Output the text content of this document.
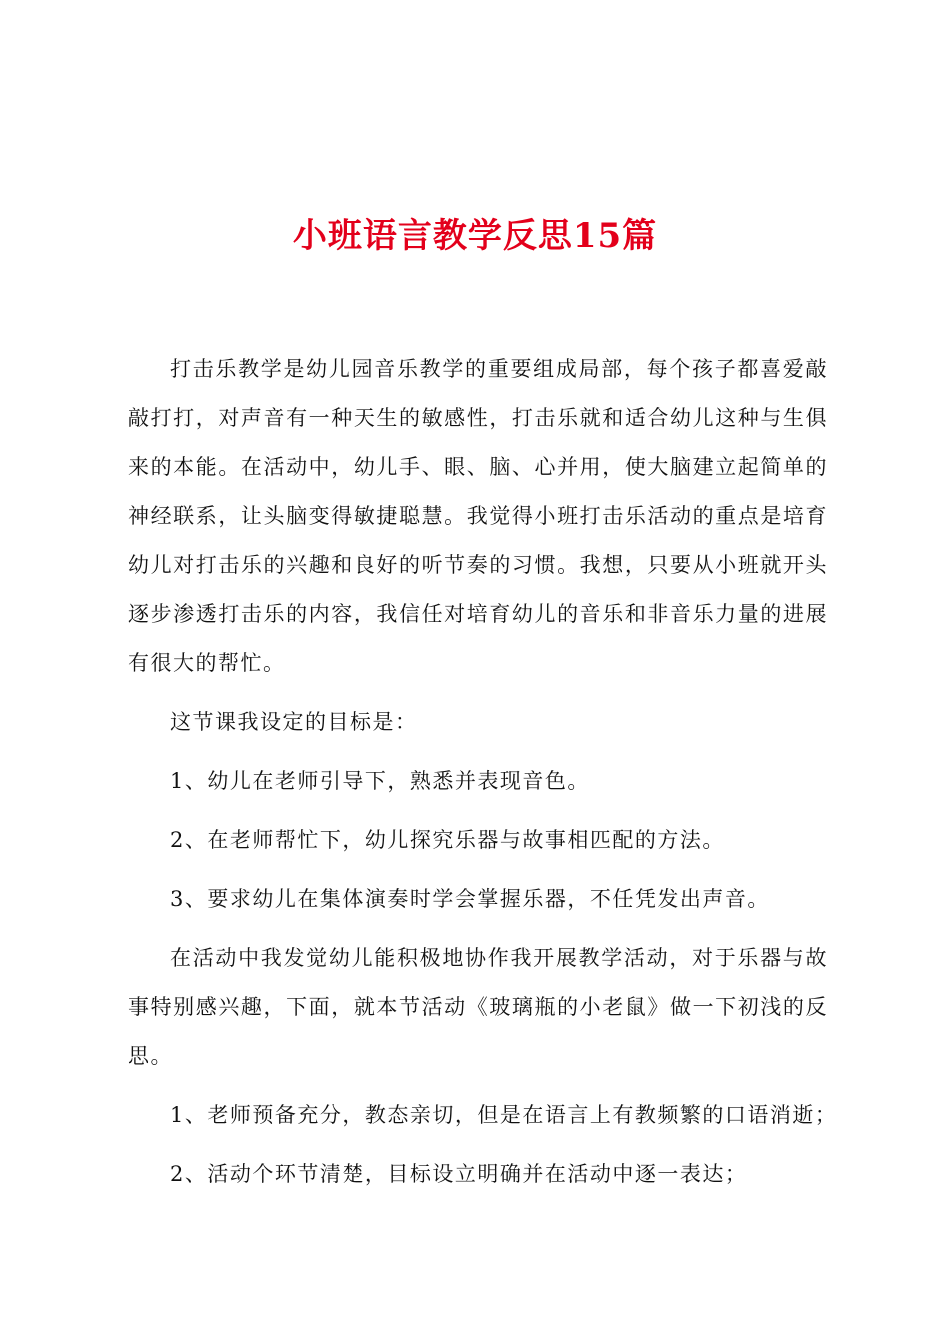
小班语言教学反思15篇

打击乐教学是幼儿园音乐教学的重要组成局部，每个孩子都喜爱敲敲打打，对声音有一种天生的敏感性，打击乐就和适合幼儿这种与生俱来的本能。在活动中，幼儿手、眼、脑、心并用，使大脑建立起简单的神经联系，让头脑变得敏捷聪慧。我觉得小班打击乐活动的重点是培育幼儿对打击乐的兴趣和良好的听节奏的习惯。我想，只要从小班就开头逐步渗透打击乐的内容，我信任对培育幼儿的音乐和非音乐力量的进展有很大的帮忙。

这节课我设定的目标是：

1、幼儿在老师引导下，熟悉并表现音色。

2、在老师帮忙下，幼儿探究乐器与故事相匹配的方法。

3、要求幼儿在集体演奏时学会掌握乐器，不任凭发出声音。

在活动中我发觉幼儿能积极地协作我开展教学活动，对于乐器与故事特别感兴趣，下面，就本节活动《玻璃瓶的小老鼠》做一下初浅的反思。

1、老师预备充分，教态亲切，但是在语言上有教频繁的口语消逝；

2、活动个环节清楚，目标设立明确并在活动中逐一表达；
